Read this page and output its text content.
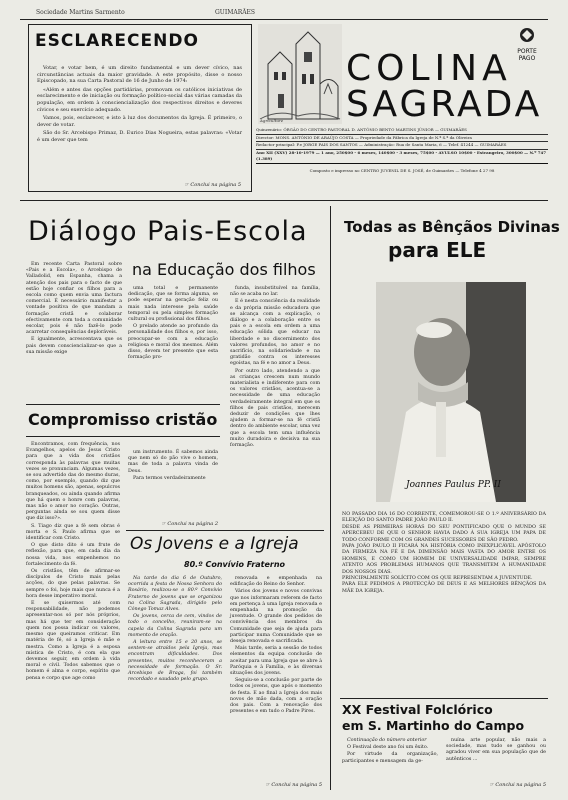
Sociedade Martins Sarmento	GUIMARÃES
ESCLARECENDO

Votar, e votar bem, é um direito fundamental e um dever cívico, nas circunstâncias actuais da maior gravidade. A este propósito, disse o nosso Episcopado, na sua Carta Pastoral de 16 de Junho de 1974:

«Além e antes das opções partidárias, promovam os católicos iniciativas de esclarecimento e de iniciação ou formação político-social das várias camadas da população, em ordem à consciencialização dos respectivos direitos e deveres cívicos e seu exercício adequado.

Vamos, pois, esclarecer, e isto à luz dos documentos da Igreja. É primeiro, o dever de votar.

São do Sr. Arcebispo Primaz, D. Eurico Dias Nogueira, estas palavras: «Votar é um dever que tem

☞ Conclui na página 5
Agriculture
COLINA
SAGRADA
PORTE
PAGO
Quinzenário: ÓRGÃO DO CENTRO PASTORAL D. ANTÓNIO BENTO MARTINS JÚNIOR — GUIMARÃES
Director: MONS. ANTÓNIO DE ARAÚJO COSTA — Propriedade da Fábrica da Igreja de N.ª S.ª da Oliveira
Redactor principal: P.e JORGE PAIS DOS SANTOS — Administração: Rua de Santa Maria, 6 — Telef. 41244 — GUIMARÃES
Ano XII (XXV) 28-10-1979 — 1 ano, 250$00 - 6 meses, 140$00 - 3 meses, 75$00 - AVULSO 10$00 - Estrangeiro, 300$00 — N.º 747 (1.389)
Composto e impresso no CENTRO JUVENIL DE S. JOSÉ, de Guimarães — Telefone 4 27 98
Diálogo Pais-Escola
na Educação dos filhos

Em recente Carta Pastoral sobre «Pais e a Escola», o Arcebispo de Valladolid, em Espanha, chama a atenção dos pais para o facto de que estão hoje confiar os filhos para a escola como quem envia uma factura comercial. É necessário manifestar a vontade positiva de que mandam a formação cristã e colaborar efectivamente com toda a comunidade escolar, pois é não fazê-lo pode acarretar consequências deploráveis.

E igualmente, acrescentava que os pais devem consciencializar-se que a sua missão exige

uma total e permanente dedicação, que se forma alguma, se pode esperar na geração feliz ou mais nada interesse pela saúde temporal ou pela simples formação cultural ou profissional dos filhos.

O prelado atende ao profundo da personalidade dos filhos e, por isso, preocupar-se com a educação religiosa e moral dos mesmos. Além disso, devem ter presente que esta formação pro-

funda, insubstituível na família, não se acaba no lar.

E é nesta consciência da realidade e da própria missão educadora que se alcança com a explicação, o diálogo e a colaboração entre os pais e a escola em ordem a uma educação sólida que educar na liberdade e no discernimento dos valores profundos, no amor e no sacrifício, na solidariedade e na gratidão contra os interesses egoístas, na fé e no amor a Deus.

Por outro lado, atendendo a que as crianças crescem num mundo materialista e indiferente para com os valores cristãos, acentua-se a necessidade de uma educação verdadeiramente integral em que os filhos de pais cristãos, merecem deduzir de condições que lhes ajudem a formar-se na fé cristã dentro do ambiente escolar, uma vez que a escola tem uma influência muito duradoira e decisiva na sua formação.

Compromisso cristão

Encontramos, com frequência, nos Evangelhos, apelos de Jesus Cristo para que a vida dos cristãos corresponda às palavras que muitas vezes se pronunciam. Algumas vezes, se sou advertido das do mesmo duras, como, por exemplo, quando diz que muitos homens são, apenas, sepulcros branqueados, ou ainda quando afirma que há quem o honre com palavras, mas não o amor no coração. Outras, perguntas ainda se sou quem disse que diz isso?».

S. Tiago diz que a fé sem obras é morta e S. Paulo afirma que se identificar com Cristo.

O que disto dito é um frute de reflexão, para que, em cada dia da nossa vida, nos empenhemos no fortalecimento da fé.

Os cristãos, têm de afirmar-se discípulos de Cristo mais pelas acções, do que pelas palavras. Se sempre o foi, hoje mais que nunca é a hora desse imperativo moral.

E se quisermos até com responsabilidade, não podemos apresentar-nos só por nós próprios, mas há que ter em consideração quem nos possa indicar os valores, mesmo que queiramos criticar. Em matéria de fé, só a Igreja é mãe e mestra. Como a Igreja é a esposa mística de Cristo, é com ela que devemos seguir, em ordem à vida moral e cívil. Todos sabemos que o homem é alma e corpo, espírito que pensa e corpo que age como

um instrumento. É sabemos ainda que nem só do pão vive o homem, mas de toda a palavra vinda de Deus.

Para termos verdadeiramente

☞ Conclui na página 2
Os Jovens e a Igreja
80.º Convívio Fraterno

Na tarde do dia 6 de Outubro, ocorrida a festa de Nossa Senhora do Rosário, realizou-se o 80.º Convívio Fraterno de jovens que se organizou na Colina Sagrada, dirigido pelo Cónego Tomaz Alves.

Os jovens, cerca de cem, vindos de todo o concelho, reuniram-se na capela da Colina Sagrada para um momento de oração.

A leitura entre 15 e 20 anos, se sentem-se atraídos pela Igreja, mas encontram dificuldades. Dos presentes, muitos reconheceram a necessidade de formação. O Sr. Arcebispo de Braga, foi também recordado e saudado pelo grupo.

renovada e empenhada na edificação do Reino do Senhor.

Vários dos jovens e novos convivas que nos informaram referem de facto em pertença à uma Igreja renovada e empenhada na promoção da juventude. O grande dos pedidos de convivência dos membros da Comunidade que seja de ajuda para participar numa Comunidade que se deseja renovada e sacrificada.

Mais tarde, seria a sessão de todos elementos da equipa conclusão de aceitar para uma Igreja que se abre à Paróquia e à Família, e às diversas situações dos jovens.

Seguiu-se a conclusão por parte de todos os jovens, que após o momento de festa. E ao final a Igreja dos mais novos de mão dada, com a oração dos pais. Com a renovação dos presentes e em tudo o Padre Pires.

☞ Conclui na página 5
Todas as Bênçãos Divinas
para ELE
Joannes Paulus PP. II
NO PASSADO DIA 16 DO CORRENTE, COMEMOROU-SE O 1.º ANIVERSÁRIO DA ELEIÇÃO DO SANTO PADRE JOÃO PAULO II.
DESDE AS PRIMEIRAS HORAS DO SEU PONTIFICADO QUE O MUNDO SE APERCEBEU DE QUE O SENHOR HAVIA DADO À SUA IGREJA UM PAPA DE TODO CONFORME COM OS GRANDES SUCESSORES DE SÃO PEDRO.
PAPA JOÃO PAULO II FICARÁ NA HISTÓRIA COMO INEXPLICÁVEL APÓSTOLO DA FIRMEZA NA FÉ E DA DIMENSÃO MAIS VASTA DO AMOR ENTRE OS HOMENS, E COMO UM HOMEM DE UNIVERSALIDADE IMPAR, SEMPRE ATENTO AOS PROBLEMAS HUMANOS QUE TRANSMITEM A HUMANIDADE DOS NOSSOS DIAS.
PRINCIPALMENTE SOLÍCITO COM OS QUE REPRESENTAM A JUVENTUDE.
PARA ELE PEDIMOS A PROTECÇÃO DE DEUS E AS MELHORES BÊNÇÃOS DA MÃE DA IGREJA.
XX Festival Folclórico
em S. Martinho do Campo

Continuação do número anterior

O Festival deste ano foi um êxito.

Por virtude da organização, participantes e mensagem da ge-

nuína arte popular, não mais a sociedade, mas tudo se ganhou ou agradou viver em sua população que de autênticos ...

☞ Conclui na página 5
